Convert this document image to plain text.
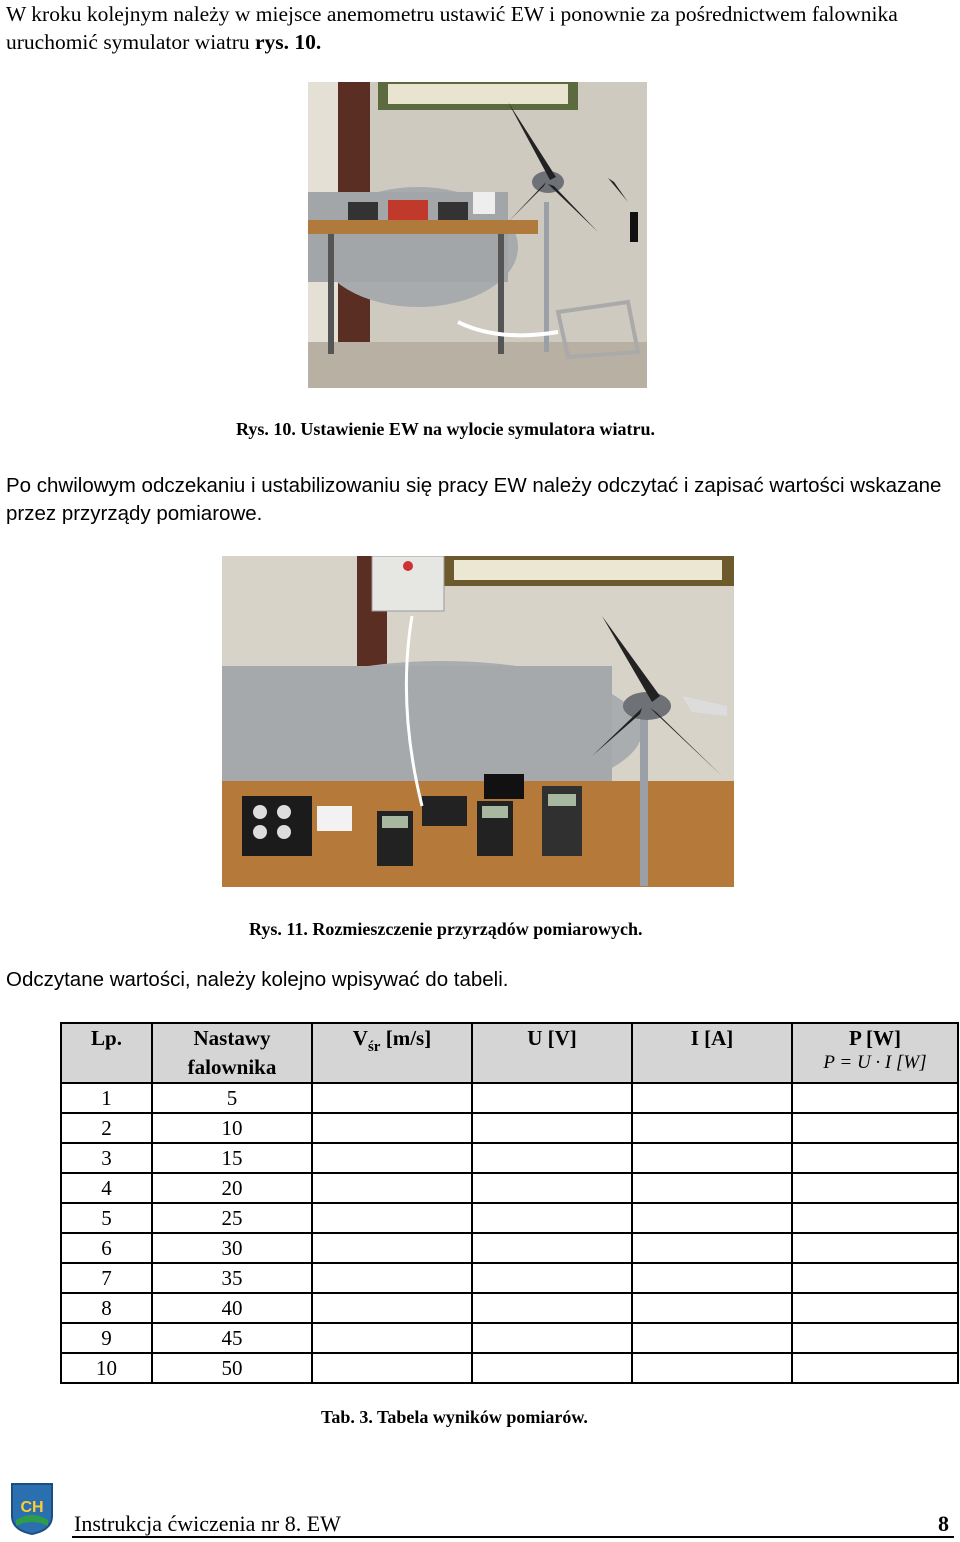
W kroku kolejnym należy w miejsce anemometru ustawić EW i ponownie za pośrednictwem falownika uruchomić symulator wiatru rys. 10.
Rys. 10. Ustawienie EW na wylocie symulatora wiatru.
Po chwilowym odczekaniu i ustabilizowaniu się pracy EW należy odczytać i zapisać wartości wskazane przez przyrządy pomiarowe.
Rys. 11. Rozmieszczenie przyrządów pomiarowych.
Odczytane wartości, należy kolejno wpisywać do tabeli.
Lp.	Nastawy falownika	$V_{śr}$ [m/s]	U [V]	I [A]	P [W]
P = U · I [W]

1	5				
2	10				
3	15				
4	20				
5	25				
6	30				
7	35				
8	40				
9	45				
10	50				
Tab. 3. Tabela wyników pomiarów.
CH
Instrukcja ćwiczenia nr 8. EW	8
